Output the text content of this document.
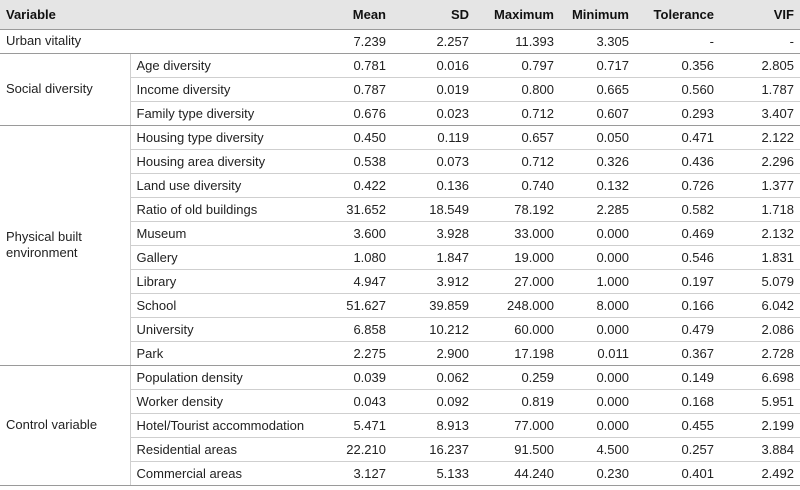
Variable		Mean	SD	Maximum	Minimum	Tolerance	VIF
Urban vitality		7.239	2.257	11.393	3.305	-	-
Social diversity	Age diversity	0.781	0.016	0.797	0.717	0.356	2.805
	Income diversity	0.787	0.019	0.800	0.665	0.560	1.787
	Family type diversity	0.676	0.023	0.712	0.607	0.293	3.407
Physical built environment	Housing type diversity	0.450	0.119	0.657	0.050	0.471	2.122
	Housing area diversity	0.538	0.073	0.712	0.326	0.436	2.296
	Land use diversity	0.422	0.136	0.740	0.132	0.726	1.377
	Ratio of old buildings	31.652	18.549	78.192	2.285	0.582	1.718
	Museum	3.600	3.928	33.000	0.000	0.469	2.132
	Gallery	1.080	1.847	19.000	0.000	0.546	1.831
	Library	4.947	3.912	27.000	1.000	0.197	5.079
	School	51.627	39.859	248.000	8.000	0.166	6.042
	University	6.858	10.212	60.000	0.000	0.479	2.086
	Park	2.275	2.900	17.198	0.011	0.367	2.728
Control variable	Population density	0.039	0.062	0.259	0.000	0.149	6.698
	Worker density	0.043	0.092	0.819	0.000	0.168	5.951
	Hotel/Tourist accommodation	5.471	8.913	77.000	0.000	0.455	2.199
	Residential areas	22.210	16.237	91.500	4.500	0.257	3.884
	Commercial areas	3.127	5.133	44.240	0.230	0.401	2.492
